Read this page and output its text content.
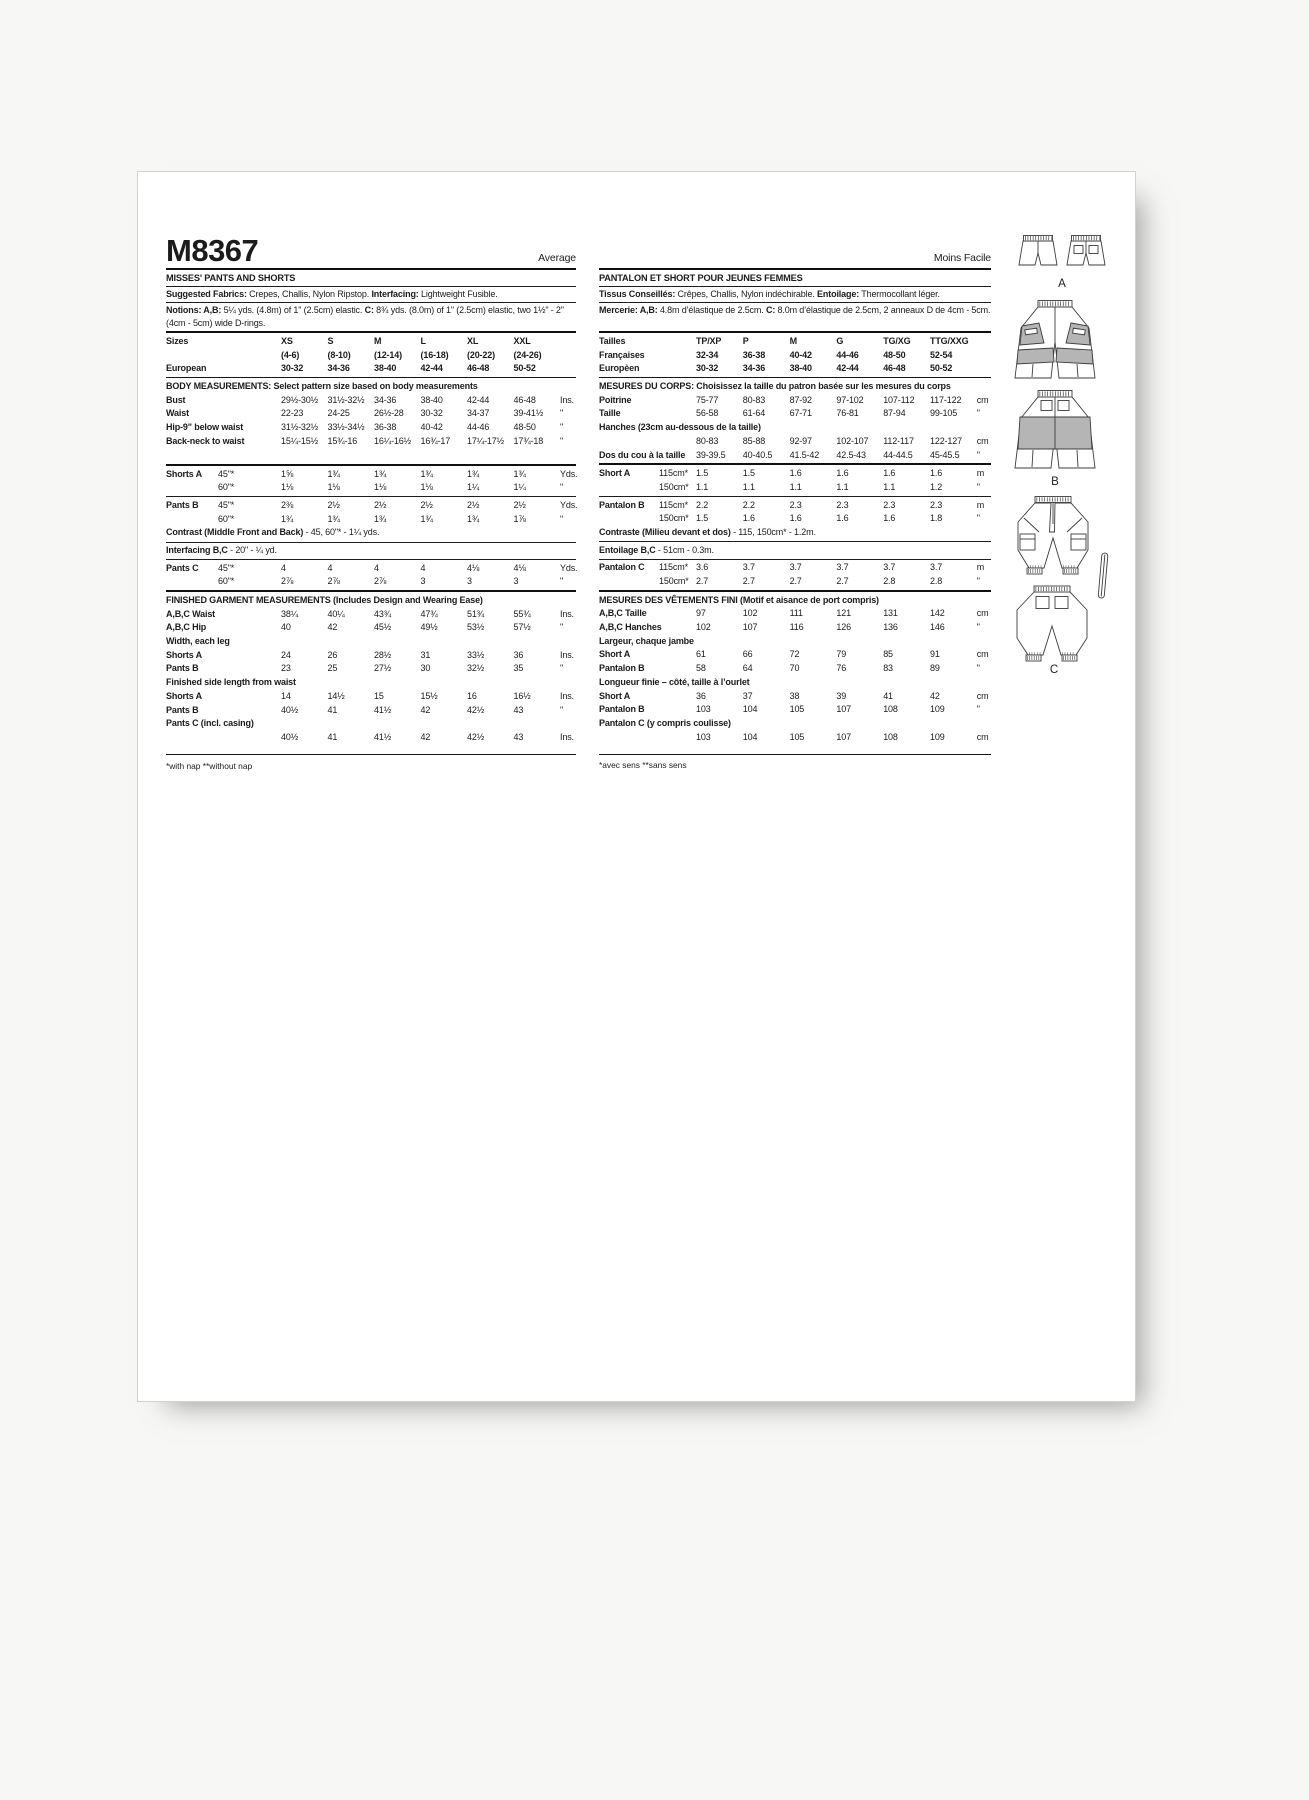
M8367	Average
MISSES' PANTS AND SHORTS
Suggested Fabrics: Crepes, Challis, Nylon Ripstop. Interfacing: Lightweight Fusible.
Notions: A,B: 5¼ yds. (4.8m) of 1" (2.5cm) elastic. C: 8¾ yds. (8.0m) of 1" (2.5cm) elastic, two 1½" - 2" (4cm - 5cm) wide D-rings.
Sizes	XS	S	M	L	XL	XXL
(4-6)	(8-10)	(12-14)	(16-18)	(20-22)	(24-26)
European	30-32	34-36	38-40	42-44	46-48	50-52
BODY MEASUREMENTS: Select pattern size based on body measurements
Bust	29½-30½	31½-32½	34-36	38-40	42-44	46-48	Ins.
Waist	22-23	24-25	26½-28	30-32	34-37	39-41½	"
Hip-9" below waist	31½-32½	33½-34½	36-38	40-42	44-46	48-50	"
Back-neck to waist	15¼-15½	15¾-16	16¼-16½	16¾-17	17¼-17½	17¾-18	"
Shorts A	45"*	1⅝	1¾	1¾	1¾	1¾	1¾	Yds.
60"*	1⅛	1⅛	1⅛	1⅛	1¼	1¼	"
Pants B	45"*	2⅜	2½	2½	2½	2½	2½	Yds.
60"*	1¾	1¾	1¾	1¾	1¾	1⅞	"
Contrast (Middle Front and Back) - 45, 60"* - 1¼ yds.
Interfacing B,C - 20" - ¼ yd.
Pants C	45"*	4	4	4	4	4⅛	4⅛	Yds.
60"*	2⅞	2⅞	2⅞	3	3	3	"
FINISHED GARMENT MEASUREMENTS (Includes Design and Wearing Ease)
A,B,C Waist	38¼	40¼	43¾	47¾	51¾	55¾	Ins.
A,B,C Hip	40	42	45½	49½	53½	57½	"
Width, each leg
Shorts A	24	26	28½	31	33½	36	Ins.
Pants B	23	25	27½	30	32½	35	"
Finished side length from waist
Shorts A	14	14½	15	15½	16	16½	Ins.
Pants B	40½	41	41½	42	42½	43	"
Pants C (incl. casing)
40½	41	41½	42	42½	43	Ins.
*with nap **without nap
Moins Facile
PANTALON ET SHORT POUR JEUNES FEMMES
Tissus Conseillés: Crêpes, Challis, Nylon indéchirable. Entoilage: Thermocollant léger.
Mercerie: A,B: 4.8m d’élastique de 2.5cm. C: 8.0m d’élastique de 2.5cm, 2 anneaux D de 4cm - 5cm.
Tailles	TP/XP	P	M	G	TG/XG	TTG/XXG
Françaises	32-34	36-38	40-42	44-46	48-50	52-54
Europèen	30-32	34-36	38-40	42-44	46-48	50-52
MESURES DU CORPS: Choisissez la taille du patron basée sur les mesures du corps
Poitrine	75-77	80-83	87-92	97-102	107-112	117-122	cm
Taille	56-58	61-64	67-71	76-81	87-94	99-105	"
Hanches (23cm au-dessous de la taille)
80-83	85-88	92-97	102-107	112-117	122-127	cm
Dos du cou à la taille	39-39.5	40-40.5	41.5-42	42.5-43	44-44.5	45-45.5	"
Short A	115cm* 1.5	1.5	1.6	1.6	1.6	1.6	m
150cm* 1.1	1.1	1.1	1.1	1.1	1.2	"
Pantalon B	115cm* 2.2	2.2	2.3	2.3	2.3	2.3	m
150cm* 1.5	1.6	1.6	1.6	1.6	1.8	"
Contraste (Milieu devant et dos) - 115, 150cm* - 1.2m.
Entoilage B,C - 51cm - 0.3m.
Pantalon C	115cm* 3.6	3.7	3.7	3.7	3.7	3.7	m
150cm* 2.7	2.7	2.7	2.7	2.8	2.8	"
MESURES DES VÊTEMENTS FINI (Motif et aisance de port compris)
A,B,C Taille	97	102	111	121	131	142	cm
A,B,C Hanches	102	107	116	126	136	146	"
Largeur, chaque jambe
Short A	61	66	72	79	85	91	cm
Pantalon B	58	64	70	76	83	89	"
Longueur finie – côté, taille à l’ourlet
Short A	36	37	38	39	41	42	cm
Pantalon B	103	104	105	107	108	109	"
Pantalon C (y compris coulisse)
103	104	105	107	108	109	cm
*avec sens **sans sens
A
B
C
